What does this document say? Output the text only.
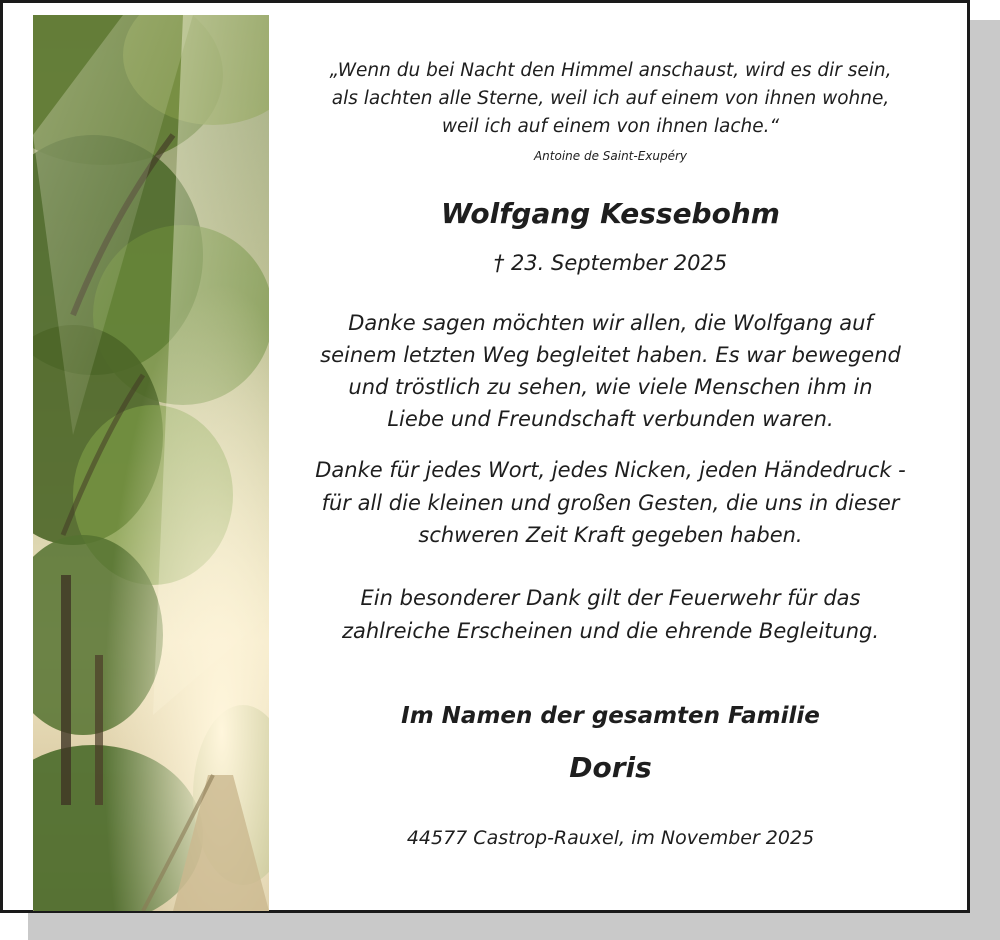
„Wenn du bei Nacht den Himmel anschaust, wird es dir sein,
als lachten alle Sterne, weil ich auf einem von ihnen wohne,
weil ich auf einem von ihnen lache.“
Antoine de Saint-Exupéry
Wolfgang Kessebohm
† 23. September 2025
Danke sagen möchten wir allen, die Wolfgang auf
seinem letzten Weg begleitet haben. Es war bewegend
und tröstlich zu sehen, wie viele Menschen ihm in
Liebe und Freundschaft verbunden waren.
Danke für jedes Wort, jedes Nicken, jeden Händedruck -
für all die kleinen und großen Gesten, die uns in dieser
schweren Zeit Kraft gegeben haben.
Ein besonderer Dank gilt der Feuerwehr für das
zahlreiche Erscheinen und die ehrende Begleitung.
Im Namen der gesamten Familie
Doris
44577 Castrop-Rauxel, im November 2025
